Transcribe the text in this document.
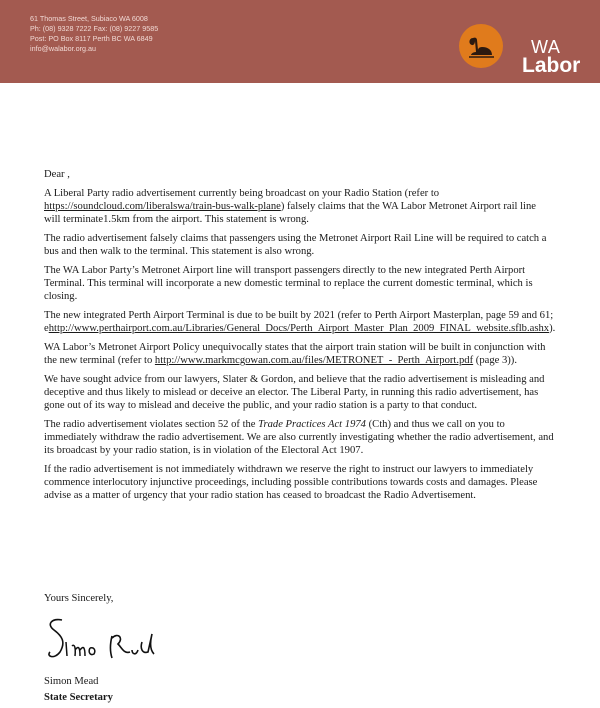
61 Thomas Street, Subiaco WA 6008
Ph: (08) 9328 7222 Fax: (08) 9227 9585
Post: PO Box 8117 Perth BC WA 6849
info@walabor.org.au	WA
Labor

Dear ,

A Liberal Party radio advertisement currently being broadcast on your Radio Station (refer to https://soundcloud.com/liberalswa/train-bus-walk-plane) falsely claims that the WA Labor Metronet Airport rail line will terminate1.5km from the airport. This statement is wrong.

The radio advertisement falsely claims that passengers using the Metronet Airport Rail Line will be required to catch a bus and then walk to the terminal. This statement is also wrong.

The WA Labor Party’s Metronet Airport line will transport passengers directly to the new integrated Perth Airport Terminal. This terminal will incorporate a new domestic terminal to replace the current domestic terminal, which is closing.

The new integrated Perth Airport Terminal is due to be built by 2021 (refer to Perth Airport Masterplan, page 59 and 61; ehttp://www.perthairport.com.au/Libraries/General_Docs/Perth_Airport_Master_Plan_2009_FINAL_website.sflb.ashx).

WA Labor’s Metronet Airport Policy unequivocally states that the airport train station will be built in conjunction with the new terminal (refer to http://www.markmcgowan.com.au/files/METRONET_-_Perth_Airport.pdf (page 3)).

We have sought advice from our lawyers, Slater & Gordon, and believe that the radio advertisement is misleading and deceptive and thus likely to mislead or deceive an elector. The Liberal Party, in running this radio advertisement, has gone out of its way to mislead and deceive the public, and your radio station is a party to that conduct.

The radio advertisement violates section 52 of the Trade Practices Act 1974 (Cth) and thus we call on you to immediately withdraw the radio advertisement. We are also currently investigating whether the radio advertisement, and its broadcast by your radio station, is in violation of the Electoral Act 1907.

If the radio advertisement is not immediately withdrawn we reserve the right to instruct our lawyers to immediately commence interlocutory injunctive proceedings, including possible contributions towards costs and damages. Please advise as a matter of urgency that your radio station has ceased to broadcast the Radio Advertisement.

Yours Sincerely,
Simon Mead
State Secretary
